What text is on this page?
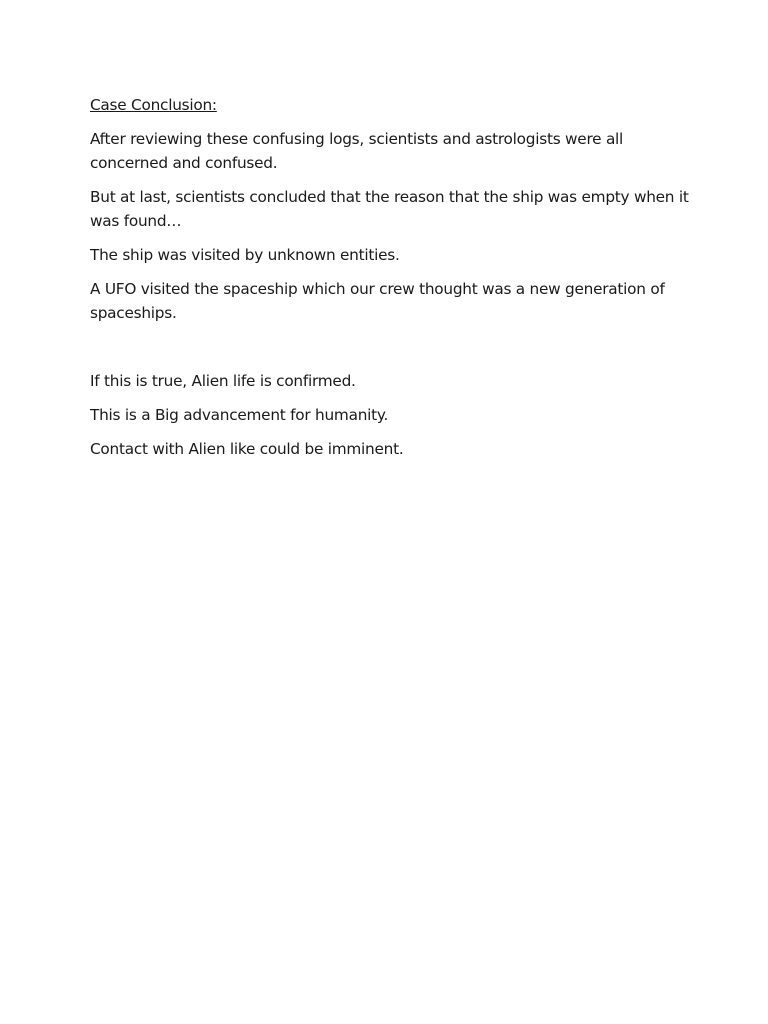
Case Conclusion:

After reviewing these confusing logs, scientists and astrologists were all concerned and confused.

But at last, scientists concluded that the reason that the ship was empty when it was found…

The ship was visited by unknown entities.

A UFO visited the spaceship which our crew thought was a new generation of spaceships.

If this is true, Alien life is confirmed.

This is a Big advancement for humanity.

Contact with Alien like could be imminent.
